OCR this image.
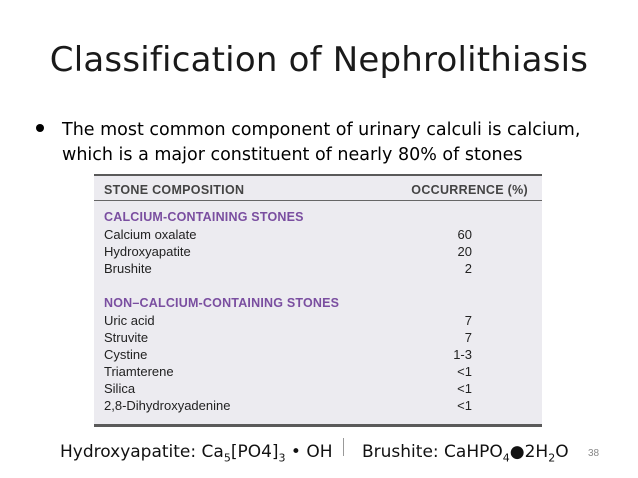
Classification of Nephrolithiasis
The most common component of urinary calculi is calcium, which is a major constituent of nearly 80% of stones
STONE COMPOSITION	OCCURRENCE (%)
CALCIUM-CONTAINING STONES
Calcium oxalate	60
Hydroxyapatite	20
Brushite	2
NON–CALCIUM-CONTAINING STONES
Uric acid	7
Struvite	7
Cystine	1-3
Triamterene	<1
Silica	<1
2,8-Dihydroxyadenine	<1
Hydroxyapatite: $Ca_5[PO4]_3$ • OH Brushite: $CaHPO_4●2H_2O$ 38
